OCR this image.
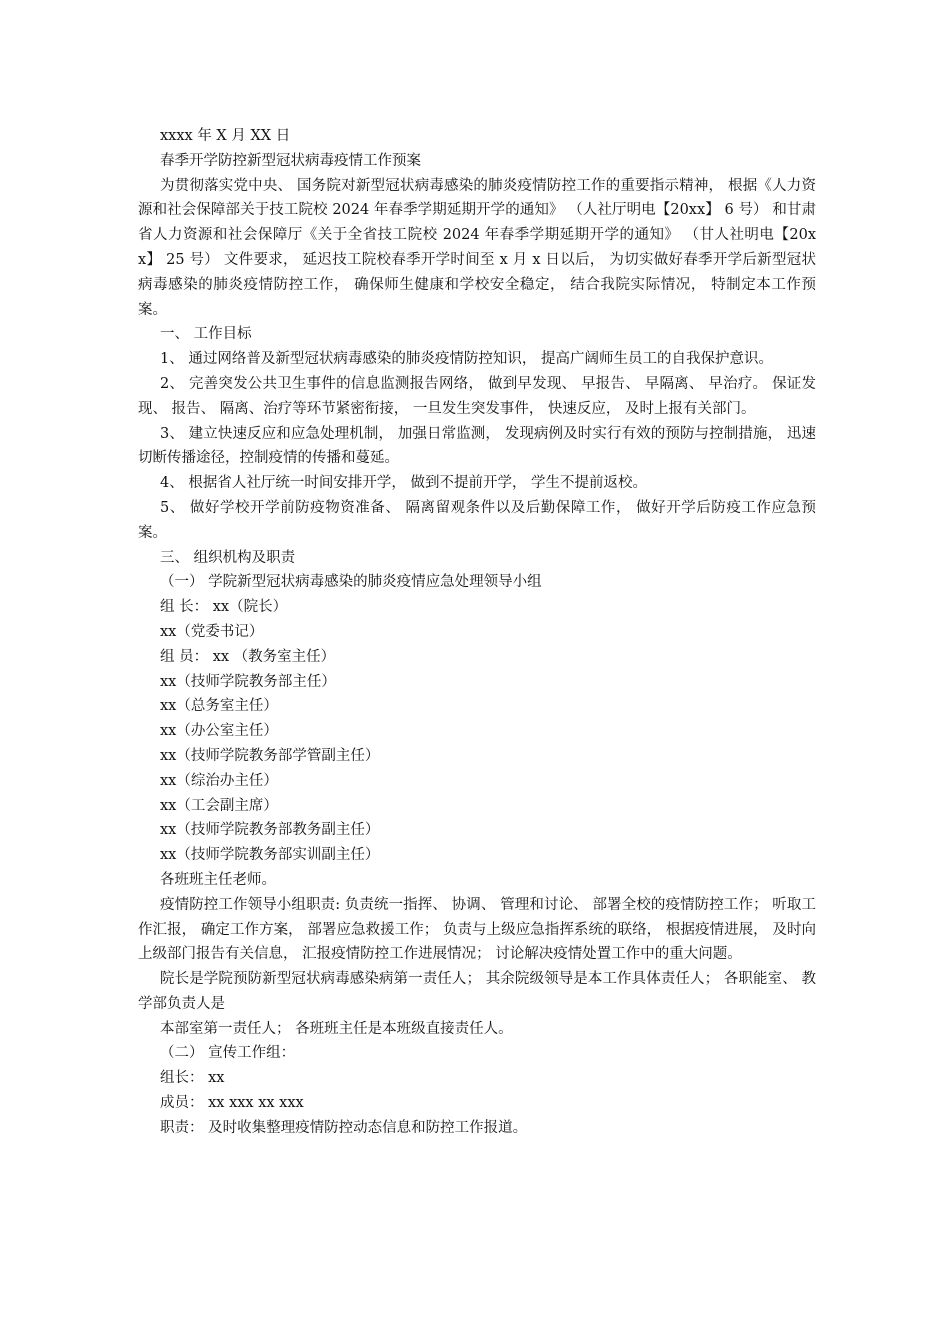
xxxx 年 X 月 XX 日

春季开学防控新型冠状病毒疫情工作预案

为贯彻落实党中央、 国务院对新型冠状病毒感染的肺炎疫情防控工作的重要指示精神， 根据《人力资源和社会保障部关于技工院校 2024 年春季学期延期开学的通知》 （人社厅明电【20xx】 6 号） 和甘肃省人力资源和社会保障厅《关于全省技工院校 2024 年春季学期延期开学的通知》 （甘人社明电【20xx】 25 号） 文件要求， 延迟技工院校春季开学时间至 x 月 x 日以后， 为切实做好春季开学后新型冠状病毒感染的肺炎疫情防控工作， 确保师生健康和学校安全稳定， 结合我院实际情况， 特制定本工作预案。

一、 工作目标

1、 通过网络普及新型冠状病毒感染的肺炎疫情防控知识， 提高广阔师生员工的自我保护意识。

2、 完善突发公共卫生事件的信息监测报告网络， 做到早发现、 早报告、 早隔离、 早治疗。 保证发现、 报告、 隔离、治疗等环节紧密衔接， 一旦发生突发事件， 快速反应， 及时上报有关部门。

3、 建立快速反应和应急处理机制， 加强日常监测， 发现病例及时实行有效的预防与控制措施， 迅速切断传播途径，控制疫情的传播和蔓延。

4、 根据省人社厅统一时间安排开学， 做到不提前开学， 学生不提前返校。

5、 做好学校开学前防疫物资准备、 隔离留观条件以及后勤保障工作， 做好开学后防疫工作应急预案。

三、 组织机构及职责

（一） 学院新型冠状病毒感染的肺炎疫情应急处理领导小组

组 长： xx（院长）

xx（党委书记）

组 员： xx （教务室主任）

xx（技师学院教务部主任）

xx（总务室主任）

xx（办公室主任）

xx（技师学院教务部学管副主任）

xx（综治办主任）

xx（工会副主席）

xx（技师学院教务部教务副主任）

xx（技师学院教务部实训副主任）

各班班主任老师。

疫情防控工作领导小组职责: 负责统一指挥、 协调、 管理和讨论、 部署全校的疫情防控工作； 听取工作汇报， 确定工作方案， 部署应急救援工作； 负责与上级应急指挥系统的联络， 根据疫情进展， 及时向上级部门报告有关信息， 汇报疫情防控工作进展情况； 讨论解决疫情处置工作中的重大问题。

院长是学院预防新型冠状病毒感染病第一责任人； 其余院级领导是本工作具体责任人； 各职能室、 教学部负责人是

本部室第一责任人； 各班班主任是本班级直接责任人。

（二） 宣传工作组：

组长： xx

成员： xx xxx xx xxx

职责： 及时收集整理疫情防控动态信息和防控工作报道。
